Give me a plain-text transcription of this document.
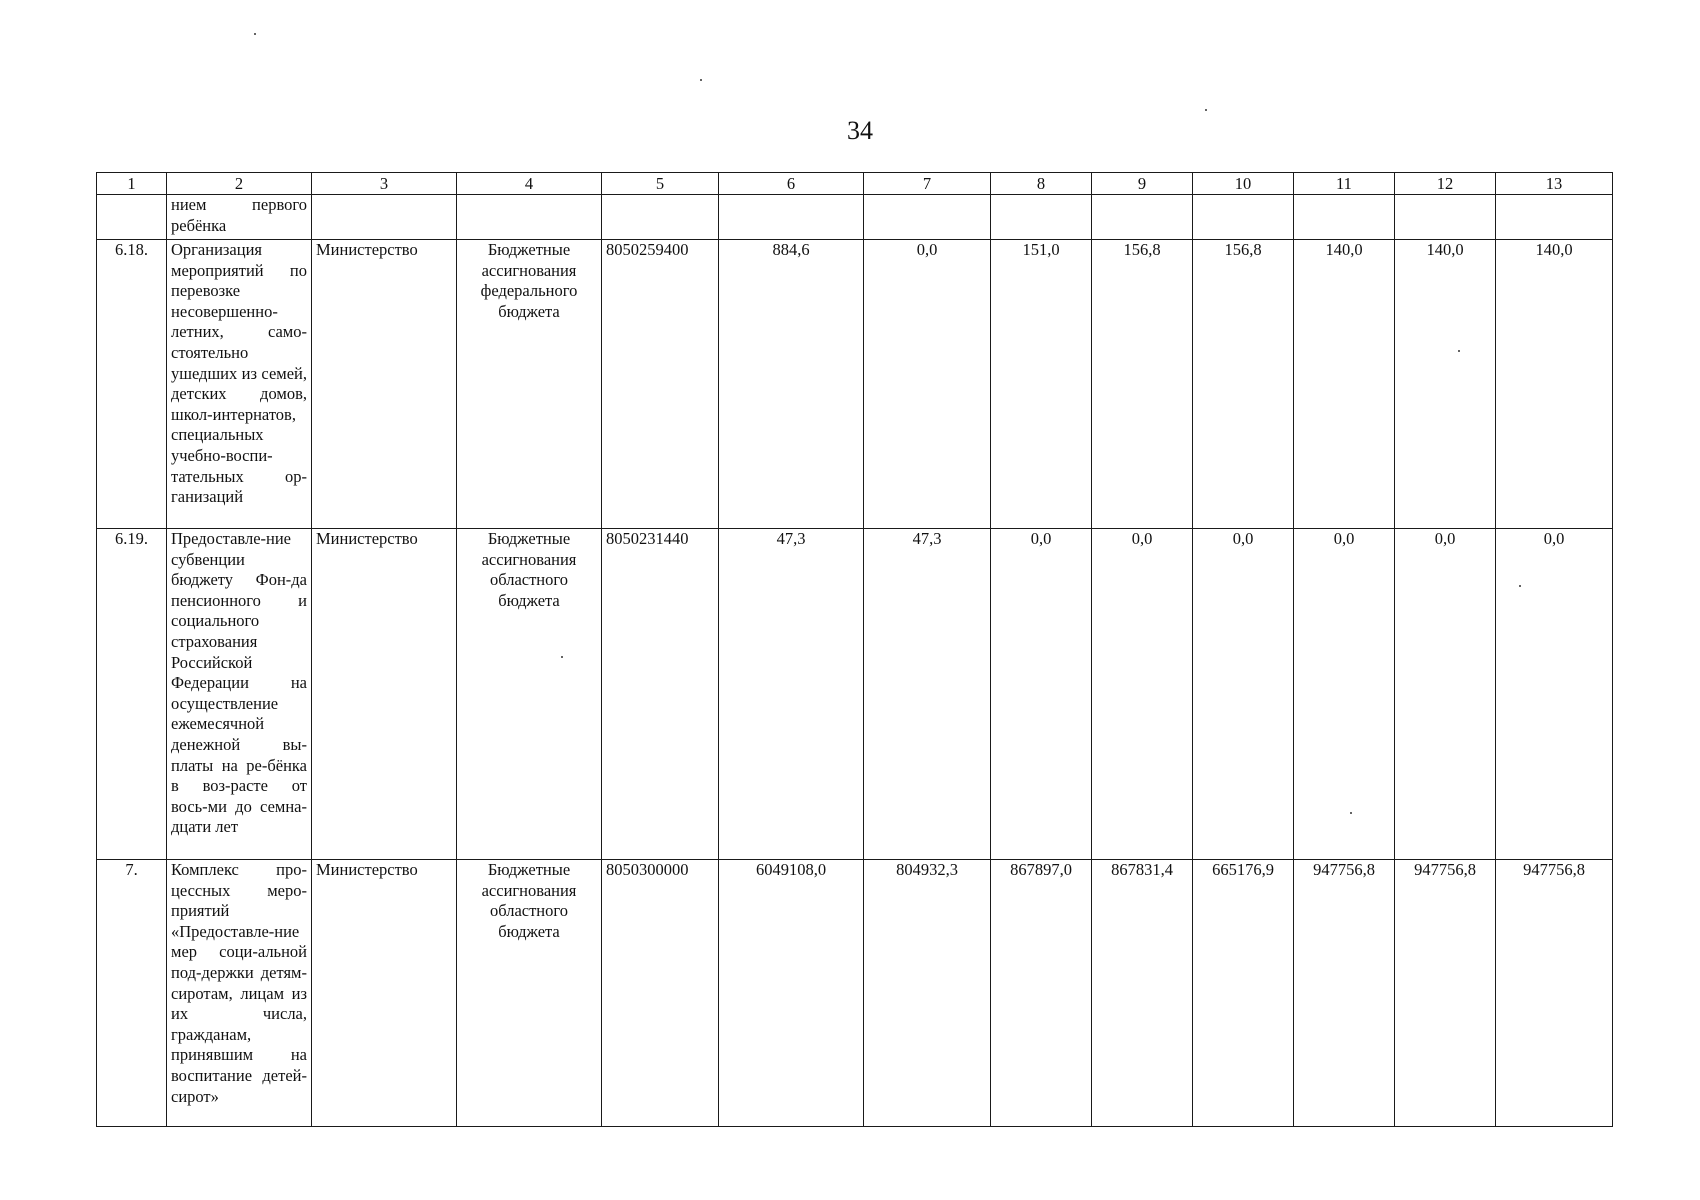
34
1	2	3	4	5	6	7	8	9	10	11	12	13
	нием первого ребёнка											
6.18.	Организация мероприятий по перевозке несовершенно-летних, само-стоятельно ушедших из семей, детских домов, школ-интернатов, специальных учебно-воспи-тательных ор-ганизаций	Министерство	Бюджетные ассигнования федерального бюджета	8050259400	884,6	0,0	151,0	156,8	156,8	140,0	140,0	140,0
6.19.	Предоставле-ние субвенции бюджету Фон-да пенсионного и социального страхования Российской Федерации на осуществление ежемесячной денежной вы-платы на ре-бёнка в воз-расте от вось-ми до семна-дцати лет	Министерство	Бюджетные ассигнования областного бюджета	8050231440	47,3	47,3	0,0	0,0	0,0	0,0	0,0	0,0
7.	Комплекс про-цессных меро-приятий «Предоставле-ние мер соци-альной под-держки детям-сиротам, лицам из их числа, гражданам, принявшим на воспитание детей-сирот»	Министерство	Бюджетные ассигнования областного бюджета	8050300000	6049108,0	804932,3	867897,0	867831,4	665176,9	947756,8	947756,8	947756,8
